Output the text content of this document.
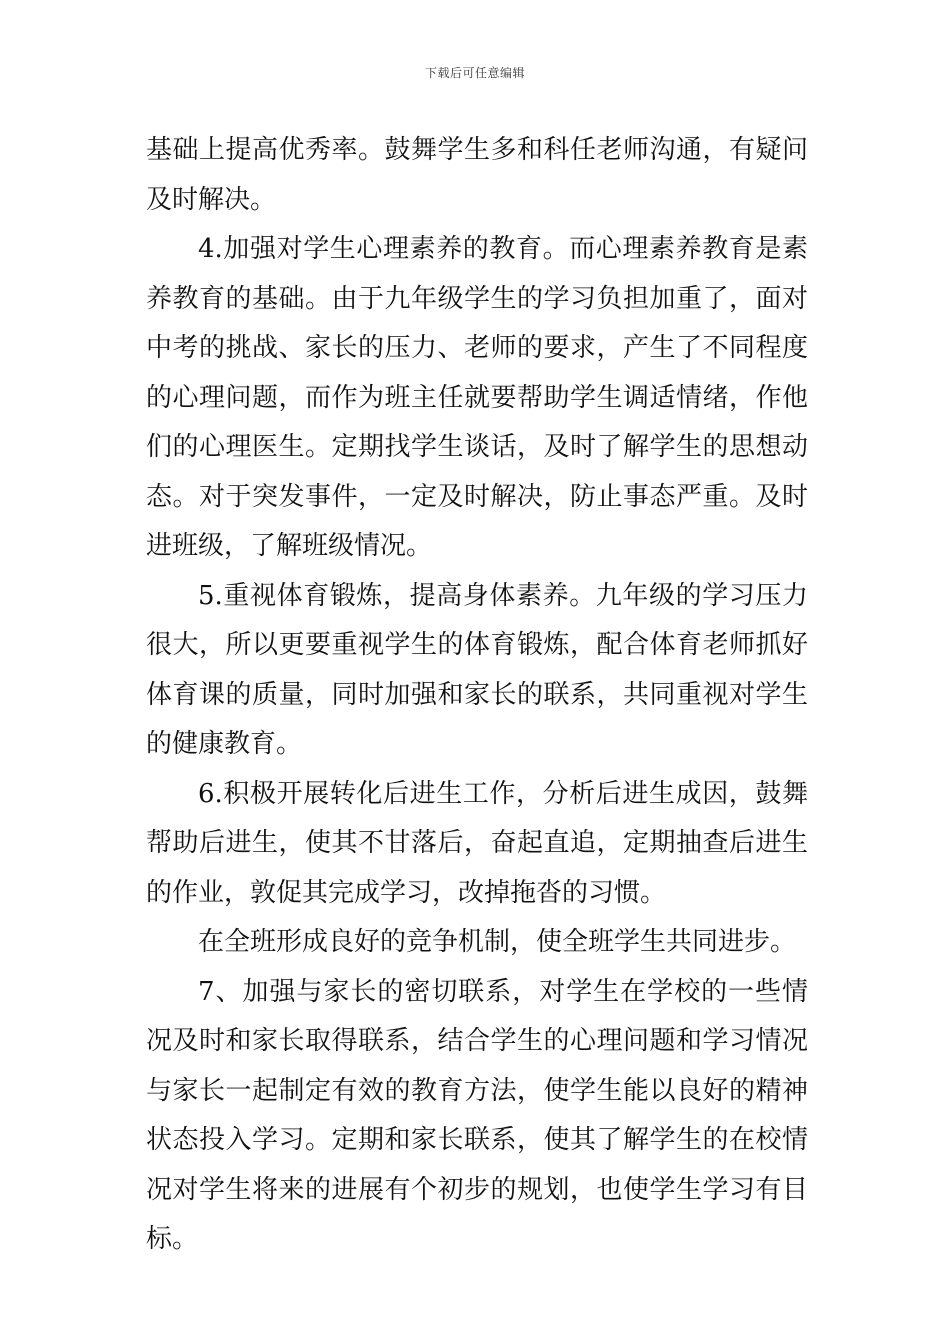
下载后可任意编辑

基础上提高优秀率。鼓舞学生多和科任老师沟通，有疑问及时解决。

4.加强对学生心理素养的教育。而心理素养教育是素养教育的基础。由于九年级学生的学习负担加重了，面对中考的挑战、家长的压力、老师的要求，产生了不同程度的心理问题，而作为班主任就要帮助学生调适情绪，作他们的心理医生。定期找学生谈话，及时了解学生的思想动态。对于突发事件，一定及时解决，防止事态严重。及时进班级，了解班级情况。

5.重视体育锻炼，提高身体素养。九年级的学习压力很大，所以更要重视学生的体育锻炼，配合体育老师抓好体育课的质量，同时加强和家长的联系，共同重视对学生的健康教育。

6.积极开展转化后进生工作，分析后进生成因，鼓舞帮助后进生，使其不甘落后，奋起直追，定期抽查后进生的作业，敦促其完成学习，改掉拖沓的习惯。

在全班形成良好的竞争机制，使全班学生共同进步。

7、加强与家长的密切联系，对学生在学校的一些情况及时和家长取得联系，结合学生的心理问题和学习情况与家长一起制定有效的教育方法，使学生能以良好的精神状态投入学习。定期和家长联系，使其了解学生的在校情况对学生将来的进展有个初步的规划，也使学生学习有目标。
